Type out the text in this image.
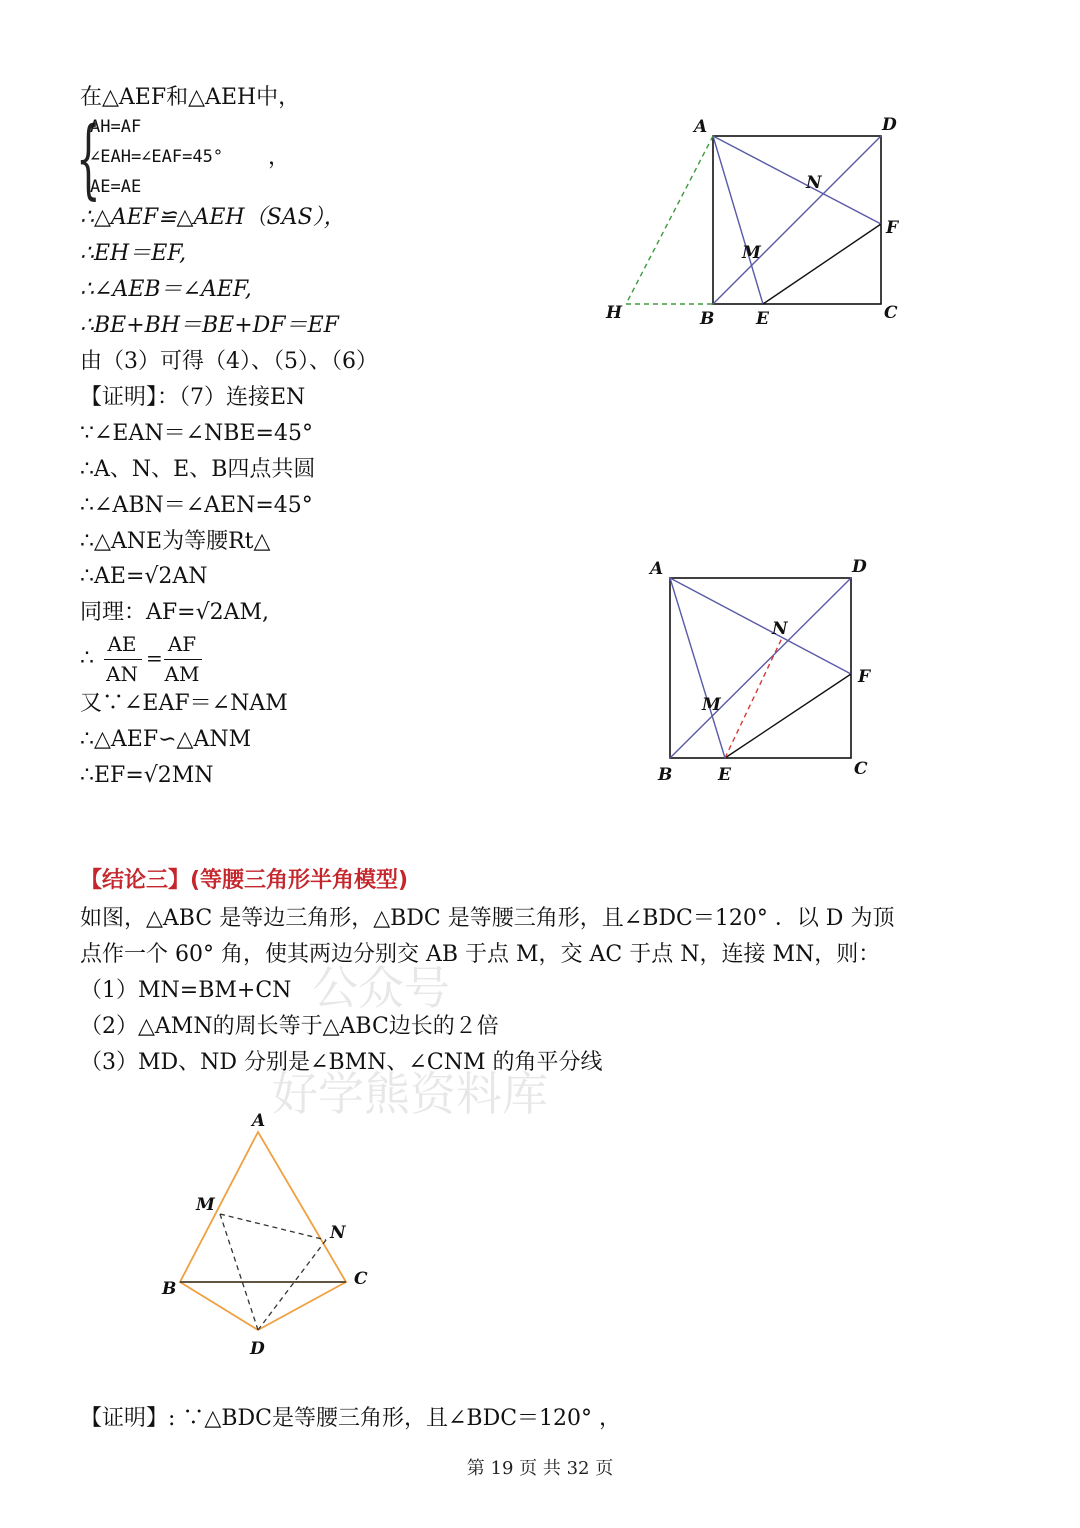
公众号
好学熊资料库
在△AEF和△AEH中，
{
AH=AF
∠EAH=∠EAF=45°
AE=AE
，
∴△AEF≌△AEH（SAS），
∴EH＝EF,
∴∠AEB＝∠AEF,
∴BE+BH＝BE+DF＝EF
由（3）可得（4）、（5）、（6）
【证明】：（7）连接EN
∵∠EAN＝∠NBE=45°
∴A、N、E、B四点共圆
∴∠ABN＝∠AEN=45°
∴△ANE为等腰Rt△
∴AE=√2AN
同理：AF=√2AM,
∴
AE
AN
=
AF
AM
又∵∠EAF＝∠NAM
∴△AEF∽△ANM
∴EF=√2MN
A	D
N
F
M
H	B E	C
A	D
N
F
M
B	E	C
【结论三】(等腰三角形半角模型)
如图，△ABC 是等边三角形，△BDC 是等腰三角形，且∠BDC＝120° ．以 D 为顶
点作一个 60° 角，使其两边分别交 AB 于点 M，交 AC 于点 N，连接 MN，则：
（1）MN=BM+CN
（2）△AMN的周长等于△ABC边长的２倍
（3）MD、ND 分别是∠BMN、∠CNM 的角平分线
A
M
N
B	C
D
【证明】: ∵△BDC是等腰三角形，且∠BDC＝120° ，
第 19 页 共 32 页
